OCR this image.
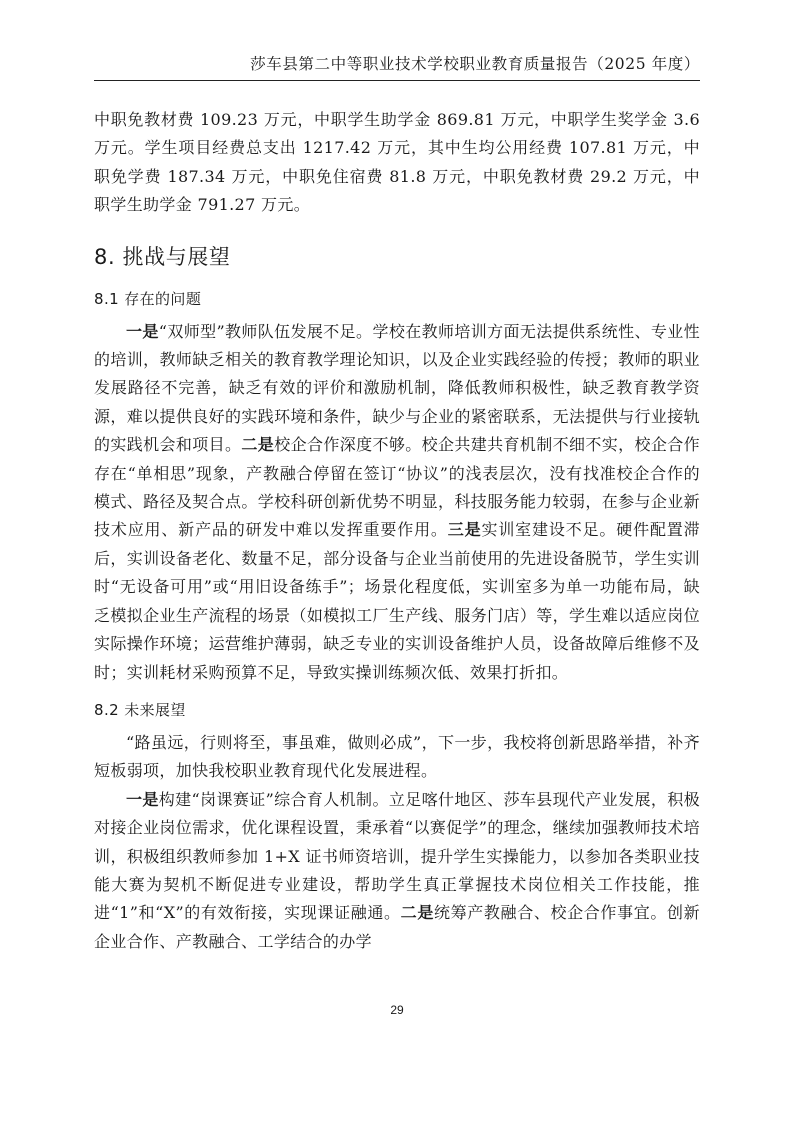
莎车县第二中等职业技术学校职业教育质量报告（2025 年度）

中职免教材费 109.23 万元，中职学生助学金 869.81 万元，中职学生奖学金 3.6 万元。学生项目经费总支出 1217.42 万元，其中生均公用经费 107.81 万元，中职免学费 187.34 万元，中职免住宿费 81.8 万元，中职免教材费 29.2 万元，中职学生助学金 791.27 万元。

8. 挑战与展望
8.1 存在的问题

一是“双师型”教师队伍发展不足。学校在教师培训方面无法提供系统性、专业性的培训，教师缺乏相关的教育教学理论知识，以及企业实践经验的传授；教师的职业发展路径不完善，缺乏有效的评价和激励机制，降低教师积极性，缺乏教育教学资源，难以提供良好的实践环境和条件，缺少与企业的紧密联系，无法提供与行业接轨的实践机会和项目。二是校企合作深度不够。校企共建共育机制不细不实，校企合作存在“单相思”现象，产教融合停留在签订“协议”的浅表层次，没有找准校企合作的模式、路径及契合点。学校科研创新优势不明显，科技服务能力较弱，在参与企业新技术应用、新产品的研发中难以发挥重要作用。三是实训室建设不足。硬件配置滞后，实训设备老化、数量不足，部分设备与企业当前使用的先进设备脱节，学生实训时“无设备可用”或“用旧设备练手”；场景化程度低，实训室多为单一功能布局，缺乏模拟企业生产流程的场景（如模拟工厂生产线、服务门店）等，学生难以适应岗位实际操作环境；运营维护薄弱，缺乏专业的实训设备维护人员，设备故障后维修不及时；实训耗材采购预算不足，导致实操训练频次低、效果打折扣。

8.2 未来展望

“路虽远，行则将至，事虽难，做则必成”，下一步，我校将创新思路举措，补齐短板弱项，加快我校职业教育现代化发展进程。

一是构建“岗课赛证”综合育人机制。立足喀什地区、莎车县现代产业发展，积极对接企业岗位需求，优化课程设置，秉承着“以赛促学”的理念，继续加强教师技术培训，积极组织教师参加 1+X 证书师资培训，提升学生实操能力，以参加各类职业技能大赛为契机不断促进专业建设，帮助学生真正掌握技术岗位相关工作技能，推进“1”和“X”的有效衔接，实现课证融通。二是统筹产教融合、校企合作事宜。创新企业合作、产教融合、工学结合的办学

29
